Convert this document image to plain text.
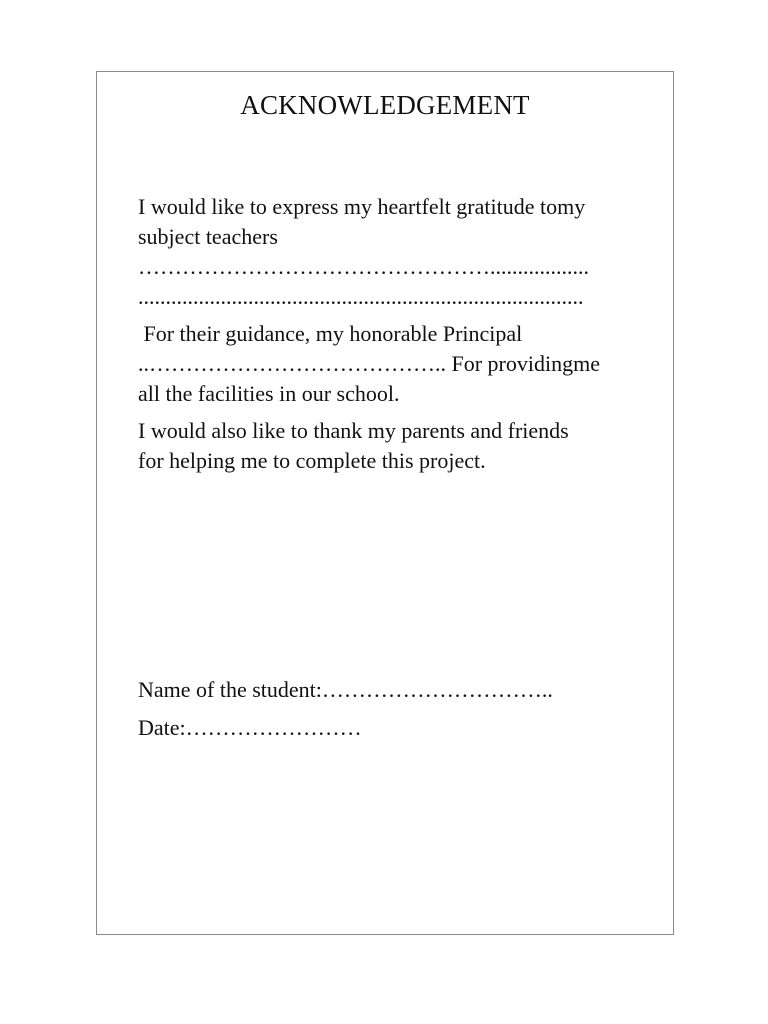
ACKNOWLEDGEMENT

I would like to express my heartfelt gratitude tomy
subject teachers
…………………………………………..................
.................................................................................

For their guidance, my honorable Principal
..………………………………….. For providingme
all the facilities in our school.

I would also like to thank my parents and friends
for helping me to complete this project.

Name of the student:…………………………..
Date:……………………
